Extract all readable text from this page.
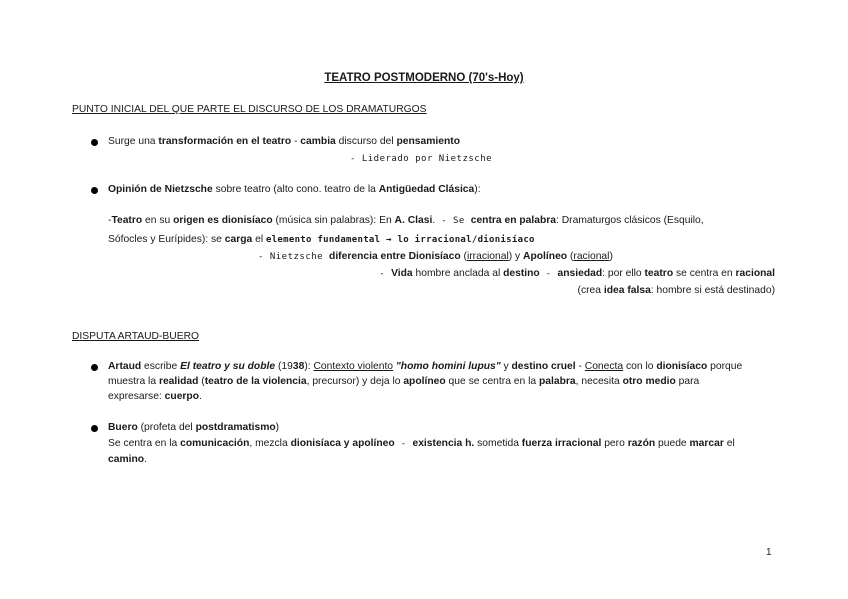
TEATRO POSTMODERNO (70's-Hoy)
PUNTO INICIAL DEL QUE PARTE EL DISCURSO DE LOS DRAMATURGOS
Surge una transformación en el teatro - cambia discurso del pensamiento
- Liderado por Nietzsche
Opinión de Nietzsche sobre teatro (alto cono. teatro de la Antigüedad Clásica):
-Teatro en su origen es dionisíaco (música sin palabras): En A. Clasi. - Se centra en palabra: Dramaturgos clásicos (Esquilo,
Sófocles y Eurípides): se carga el elemento fundamental → lo irracional/dionisíaco
- Nietzsche diferencia entre Dionisíaco (irracional) y Apolíneo (racional)
- Vida hombre anclada al destino - ansiedad: por ello teatro se centra en racional
(crea idea falsa: hombre si está destinado)
DISPUTA ARTAUD-BUERO
Artaud escribe El teatro y su doble (1938): Contexto violento "homo homini lupus" y destino cruel - Conecta con lo dionisíaco porque
muestra la realidad (teatro de la violencia, precursor) y deja lo apolíneo que se centra en la palabra, necesita otro medio para
expresarse: cuerpo.
Buero (profeta del postdramatismo)
Se centra en la comunicación, mezcla dionisíaca y apolíneo - existencia h. sometida fuerza irracional pero razón puede marcar el
camino.
1
